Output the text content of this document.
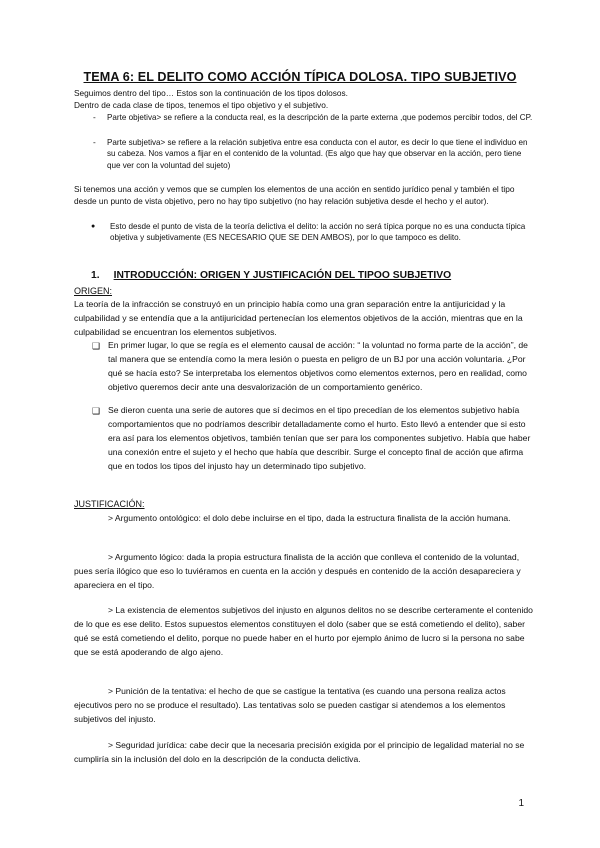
TEMA 6: EL DELITO COMO ACCIÓN TÍPICA DOLOSA. TIPO SUBJETIVO

Seguimos dentro del tipo… Estos son la continuación de los tipos dolosos.

Dentro de cada clase de tipos, tenemos el tipo objetivo y el subjetivo.

- Parte objetiva> se refiere a la conducta real, es la descripción de la parte externa ,que podemos percibir todos, del CP.

- Parte subjetiva> se refiere a la relación subjetiva entre esa conducta con el autor, es decir lo que tiene el individuo en su cabeza. Nos vamos a fijar en el contenido de la voluntad. (Es algo que hay que observar en la acción, pero tiene que ver con la voluntad del sujeto)

Si tenemos una acción y vemos que se cumplen los elementos de una acción en sentido jurídico penal y también el tipo desde un punto de vista objetivo, pero no hay tipo subjetivo (no hay relación subjetiva desde el hecho y el autor).

● Esto desde el punto de vista de la teoría delictiva el delito: la acción no será típica porque no es una conducta típica objetiva y subjetivamente (ES NECESARIO QUE SE DEN AMBOS), por lo que tampoco es delito.

1. INTRODUCCIÓN: ORIGEN Y JUSTIFICACIÓN DEL TIPOO SUBJETIVO
ORIGEN:

La teoría de la infracción se construyó en un principio había como una gran separación entre la antijuricidad y la culpabilidad y se entendía que a la antijuricidad pertenecían los elementos objetivos de la acción, mientras que en la culpabilidad se encuentran los elementos subjetivos.

❑ En primer lugar, lo que se regía es el elemento causal de acción: “ la voluntad no forma parte de la acción”, de tal manera que se entendía como la mera lesión o puesta en peligro de un BJ por una acción voluntaria. ¿Por qué se hacía esto? Se interpretaba los elementos objetivos como elementos externos, pero en realidad, como objetivo queremos decir ante una desvalorización de un comportamiento genérico.

❑ Se dieron cuenta una serie de autores que sí decimos en el tipo precedían de los elementos subjetivo había comportamientos que no podríamos describir detalladamente como el hurto. Esto llevó a entender que si esto era así para los elementos objetivos, también tenían que ser para los componentes subjetivo. Había que haber una conexión entre el sujeto y el hecho que había que describir. Surge el concepto final de acción que afirma que en todos los tipos del injusto hay un determinado tipo subjetivo.

JUSTIFICACIÓN:

> Argumento ontológico: el dolo debe incluirse en el tipo, dada la estructura finalista de la acción humana.

> Argumento lógico: dada la propia estructura finalista de la acción que conlleva el contenido de la voluntad, pues sería ilógico que eso lo tuviéramos en cuenta en la acción y después en contenido de la acción desapareciera y apareciera en el tipo.

> La existencia de elementos subjetivos del injusto en algunos delitos no se describe certeramente el contenido de lo que es ese delito. Estos supuestos elementos constituyen el dolo (saber que se está cometiendo el delito), saber qué se está cometiendo el delito, porque no puede haber en el hurto por ejemplo ánimo de lucro si la persona no sabe que se está apoderando de algo ajeno.

> Punición de la tentativa: el hecho de que se castigue la tentativa (es cuando una persona realiza actos ejecutivos pero no se produce el resultado). Las tentativas solo se pueden castigar si atendemos a los elementos subjetivos del injusto.

> Seguridad jurídica: cabe decir que la necesaria precisión exigida por el principio de legalidad material no se cumpliría sin la inclusión del dolo en la descripción de la conducta delictiva.

1
